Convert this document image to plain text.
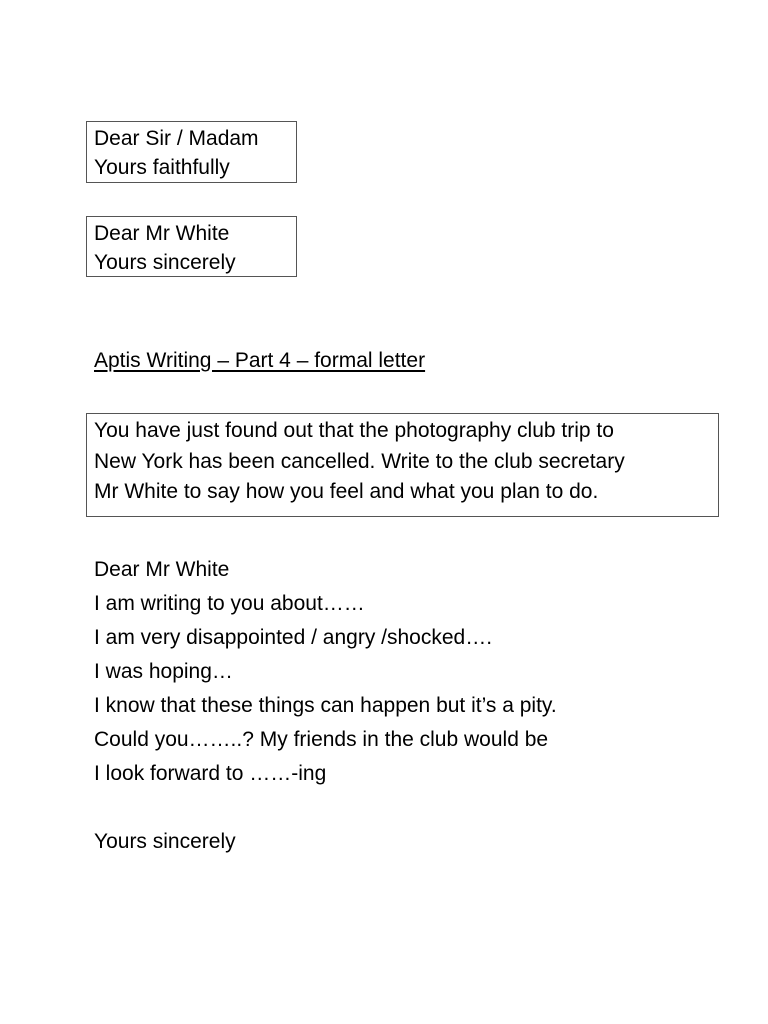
Dear Sir / Madam
Yours faithfully
Dear Mr White
Yours sincerely
Aptis Writing – Part 4 – formal letter
You have just found out that the photography club trip to
New York has been cancelled. Write to the club secretary
Mr White to say how you feel and what you plan to do.
Dear Mr White
I am writing to you about……
I am very disappointed / angry /shocked….
I was hoping…
I know that these things can happen but it’s a pity.
Could you……..? My friends in the club would be
I look forward to ……-ing
Yours sincerely
